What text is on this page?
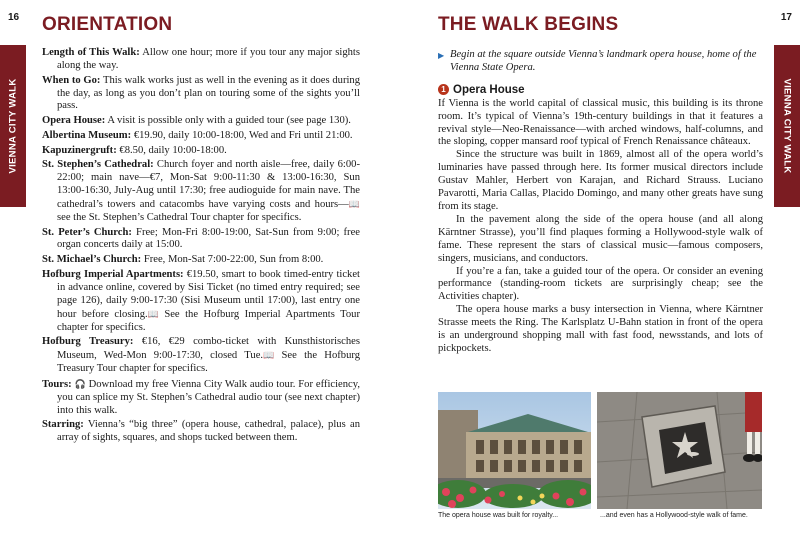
16
VIENNA CITY WALK
ORIENTATION

Length of This Walk: Allow one hour; more if you tour any major sights along the way.

When to Go: This walk works just as well in the evening as it does during the day, as long as you don’t plan on touring some of the sights you’ll pass.

Opera House: A visit is possible only with a guided tour (see page 130).

Albertina Museum: €19.90, daily 10:00-18:00, Wed and Fri until 21:00.

Kapuzinergruft: €8.50, daily 10:00-18:00.

St. Stephen’s Cathedral: Church foyer and north aisle—free, daily 6:00-22:00; main nave—€7, Mon-Sat 9:00-11:30 & 13:00-16:30, Sun 13:00-16:30, July-Aug until 17:30; free audioguide for main nave. The cathedral’s towers and catacombs have varying costs and hours—📖 see the St. Stephen’s Cathedral Tour chapter for specifics.

St. Peter’s Church: Free; Mon-Fri 8:00-19:00, Sat-Sun from 9:00; free organ concerts daily at 15:00.

St. Michael’s Church: Free, Mon-Sat 7:00-22:00, Sun from 8:00.

Hofburg Imperial Apartments: €19.50, smart to book timed-entry ticket in advance online, covered by Sisi Ticket (no timed entry required; see page 126), daily 9:00-17:30 (Sisi Museum until 17:00), last entry one hour before closing.📖 See the Hofburg Imperial Apartments Tour chapter for specifics.

Hofburg Treasury: €16, €29 combo-ticket with Kunsthistorisches Museum, Wed-Mon 9:00-17:30, closed Tue.📖 See the Hofburg Treasury Tour chapter for specifics.

Tours: 🎧 Download my free Vienna City Walk audio tour. For efficiency, you can splice my St. Stephen’s Cathedral audio tour (see next chapter) into this walk.

Starring: Vienna’s “big three” (opera house, cathedral, palace), plus an array of sights, squares, and shops tucked between them.

17
VIENNA CITY WALK
THE WALK BEGINS

▶ Begin at the square outside Vienna’s landmark opera house, home of the Vienna State Opera.

1 Opera House

If Vienna is the world capital of classical music, this building is its throne room. It’s typical of Vienna’s 19th-century buildings in that it features a revival style—Neo-Renaissance—with arched windows, half-columns, and the sloping, copper mansard roof typical of French Renaissance châteaux.

Since the structure was built in 1869, almost all of the opera world’s luminaries have passed through here. Its former musical directors include Gustav Mahler, Herbert von Karajan, and Richard Strauss. Luciano Pavarotti, Maria Callas, Placido Domingo, and many other greats have sung from its stage.

In the pavement along the side of the opera house (and all along Kärntner Strasse), you’ll find plaques forming a Hollywood-style walk of fame. These represent the stars of classical music—famous composers, singers, musicians, and conductors.

If you’re a fan, take a guided tour of the opera. Or consider an evening performance (standing-room tickets are surprisingly cheap; see the Activities chapter).

The opera house marks a busy intersection in Vienna, where Kärntner Strasse meets the Ring. The Karlsplatz U-Bahn station in front of the opera is an underground shopping mall with fast food, newsstands, and lots of pickpockets.

The opera house was built for royalty...	...and even has a Hollywood-style walk of fame.
